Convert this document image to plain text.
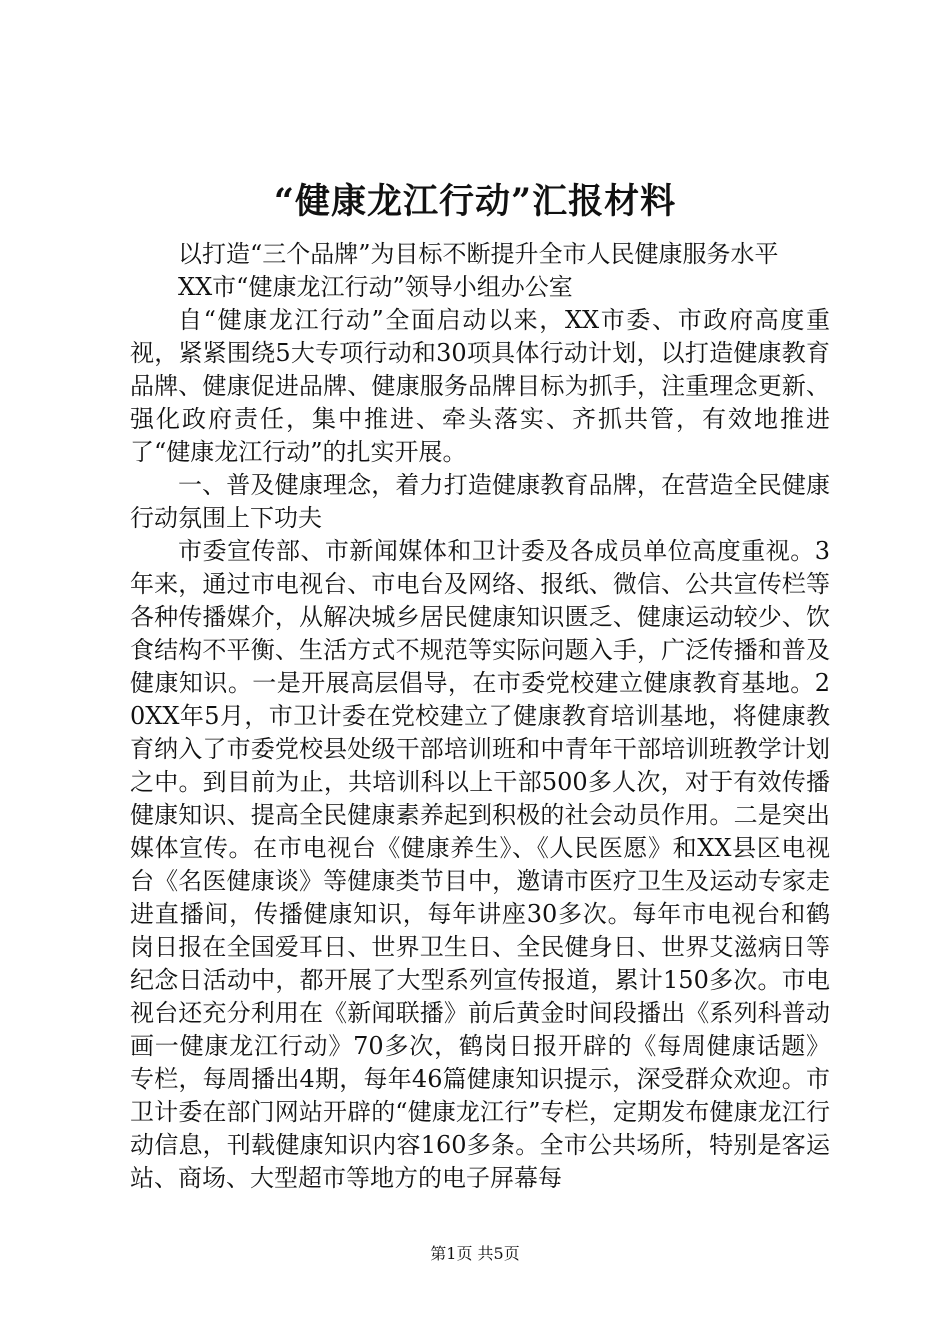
“健康龙江行动”汇报材料

以打造“三个品牌”为目标不断提升全市人民健康服务水平

XX市“健康龙江行动”领导小组办公室

自“健康龙江行动”全面启动以来，XX市委、市政府高度重视，紧紧围绕5大专项行动和30项具体行动计划，以打造健康教育品牌、健康促进品牌、健康服务品牌目标为抓手，注重理念更新、强化政府责任，集中推进、牵头落实、齐抓共管，有效地推进了“健康龙江行动”的扎实开展。

一、普及健康理念，着力打造健康教育品牌，在营造全民健康行动氛围上下功夫

市委宣传部、市新闻媒体和卫计委及各成员单位高度重视。3年来，通过市电视台、市电台及网络、报纸、微信、公共宣传栏等各种传播媒介，从解决城乡居民健康知识匮乏、健康运动较少、饮食结构不平衡、生活方式不规范等实际问题入手，广泛传播和普及健康知识。一是开展高层倡导，在市委党校建立健康教育基地。20XX年5月，市卫计委在党校建立了健康教育培训基地，将健康教育纳入了市委党校县处级干部培训班和中青年干部培训班教学计划之中。到目前为止，共培训科以上干部500多人次，对于有效传播健康知识、提高全民健康素养起到积极的社会动员作用。二是突出媒体宣传。在市电视台《健康养生》、《人民医愿》和XX县区电视台《名医健康谈》等健康类节目中，邀请市医疗卫生及运动专家走进直播间，传播健康知识，每年讲座30多次。每年市电视台和鹤岗日报在全国爱耳日、世界卫生日、全民健身日、世界艾滋病日等纪念日活动中，都开展了大型系列宣传报道，累计150多次。市电视台还充分利用在《新闻联播》前后黄金时间段播出《系列科普动画一健康龙江行动》70多次，鹤岗日报开辟的《每周健康话题》专栏，每周播出4期，每年46篇健康知识提示，深受群众欢迎。市卫计委在部门网站开辟的“健康龙江行”专栏，定期发布健康龙江行动信息，刊载健康知识内容160多条。全市公共场所，特别是客运站、商场、大型超市等地方的电子屏幕每

第1页 共5页
